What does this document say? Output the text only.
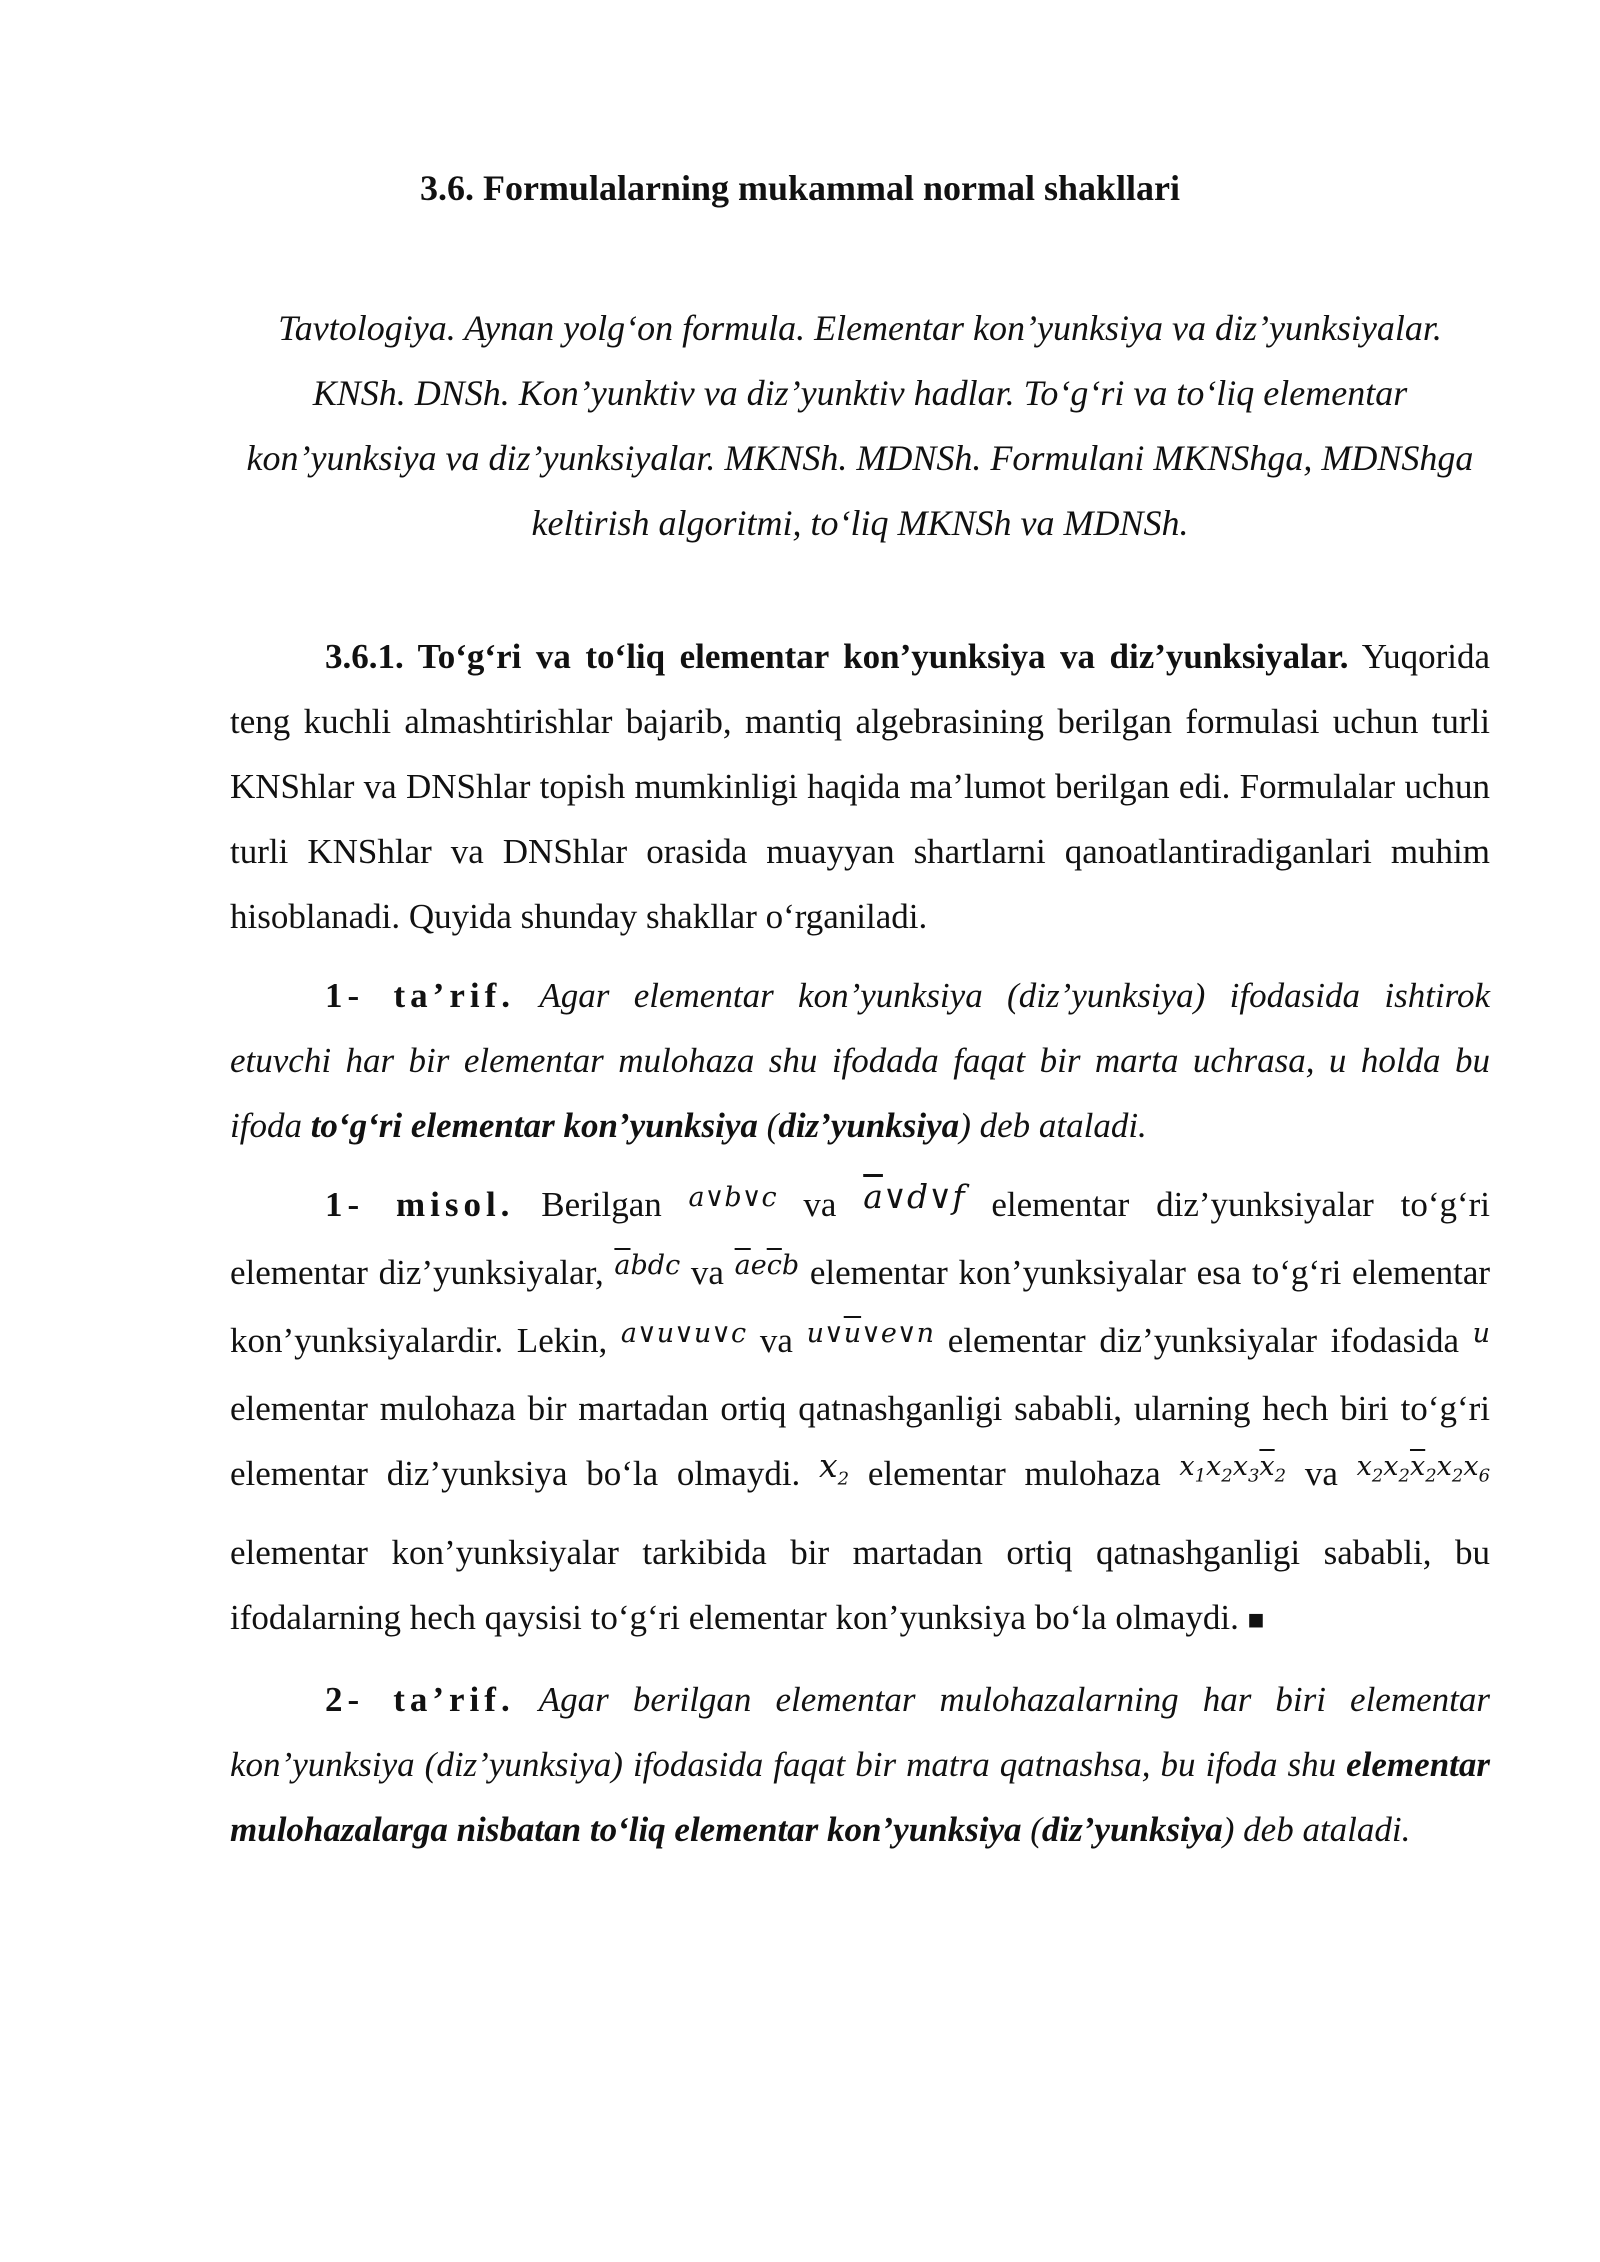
3.6. Formulalarning mukammal normal shakllari
Tavtologiya. Aynan yolg‘on formula. Elementar kon’yunksiya va diz’yunksiyalar. KNSh. DNSh. Kon’yunktiv va diz’yunktiv hadlar. To‘g‘ri va to‘liq elementar kon’yunksiya va diz’yunksiyalar. MKNSh. MDNSh. Formulani MKNShga, MDNShga keltirish algoritmi, to‘liq MKNSh va MDNSh.

3.6.1. To‘g‘ri va to‘liq elementar kon’yunksiya va diz’yunksiyalar. Yuqorida teng kuchli almashtirishlar bajarib, mantiq algebrasining berilgan formulasi uchun turli KNShlar va DNShlar topish mumkinligi haqida ma’lumot berilgan edi. Formulalar uchun turli KNShlar va DNShlar orasida muayyan shartlarni qanoatlantiradiganlari muhim hisoblanadi. Quyida shunday shakllar o‘rganiladi.

1- ta’rif. Agar elementar kon’yunksiya (diz’yunksiya) ifodasida ishtirok etuvchi har bir elementar mulohaza shu ifodada faqat bir marta uchrasa, u holda bu ifoda to‘g‘ri elementar kon’yunksiya (diz’yunksiya) deb ataladi.

1- misol. Berilgan $^{a\vee b\vee c}$ va $\overline{a}\vee d\vee f$ elementar diz’yunksiyalar to‘g‘ri elementar diz’yunksiyalar, $^{\overline{a}bdc}$ va $^{\overline{a}e\overline{c}b}$ elementar kon’yunksiyalar esa to‘g‘ri elementar kon’yunksiyalardir. Lekin, $^{a\vee u\vee u\vee c}$ va $^{u\vee\overline{u}\vee e\vee n}$ elementar diz’yunksiyalar ifodasida $^u$ elementar mulohaza bir martadan ortiq qatnashganligi sababli, ularning hech biri to‘g‘ri elementar diz’yunksiya bo‘la olmaydi. $x_2$ elementar mulohaza $^{x_1x_2x_3\overline{x}_2}$ va $^{x_2x_2\overline{x}_2x_2x_6}$ elementar kon’yunksiyalar tarkibida bir martadan ortiq qatnashganligi sababli, bu ifodalarning hech qaysisi to‘g‘ri elementar kon’yunksiya bo‘la olmaydi. ■

2- ta’rif. Agar berilgan elementar mulohazalarning har biri elementar kon’yunksiya (diz’yunksiya) ifodasida faqat bir matra qatnashsa, bu ifoda shu elementar mulohazalarga nisbatan to‘liq elementar kon’yunksiya (diz’yunksiya) deb ataladi.
